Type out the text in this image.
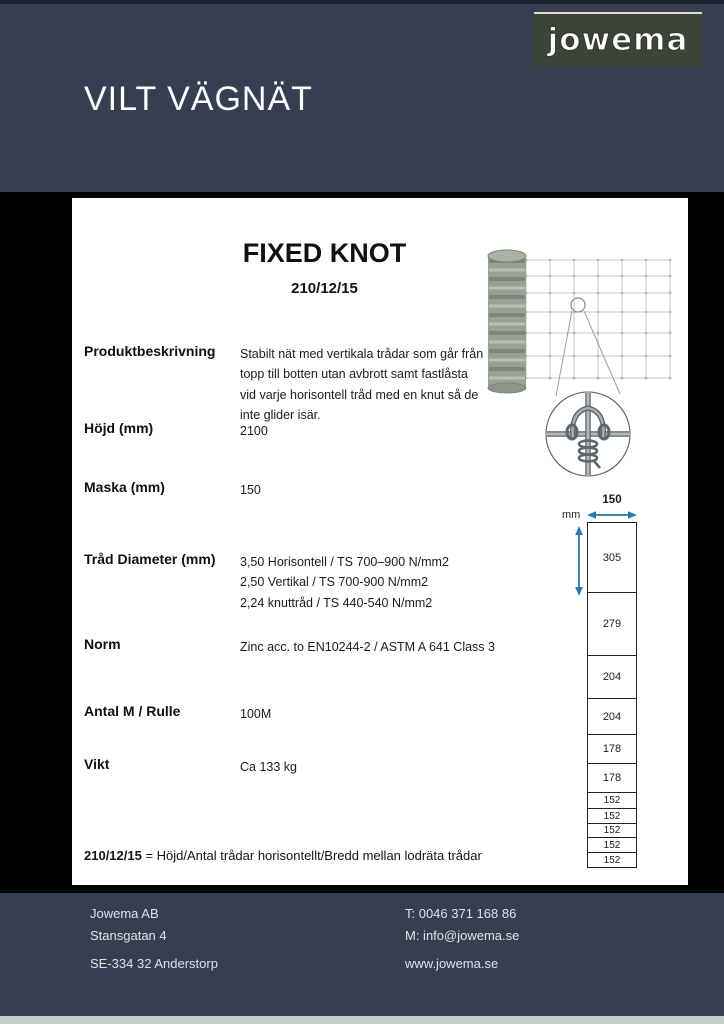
VILT VÄGNÄT
jowema
FIXED KNOT
210/12/15
Produktbeskrivning	Stabilt nät med vertikala trådar som går från topp till botten utan avbrott samt fastlåsta vid varje horisontell tråd med en knut så de inte glider isär.
Höjd (mm)	2100
Maska (mm)	150
Tråd Diameter (mm)	3,50 Horisontell / TS 700–900 N/mm2
2,50 Vertikal / TS 700-900 N/mm2
2,24 knuttråd / TS 440-540 N/mm2
Norm	Zinc acc. to EN10244-2 / ASTM A 641 Class 3
Antal M / Rulle	100M
Vikt	Ca 133 kg
150
mm
305
279
204
204
178
178
152
152
152
152
152
210/12/15 = Höjd/Antal trådar horisontellt/Bredd mellan lodräta trådar
Jowema AB
Stansgatan 4
SE-334 32 Anderstorp
T: 0046 371 168 86
M: info@jowema.se
www.jowema.se
